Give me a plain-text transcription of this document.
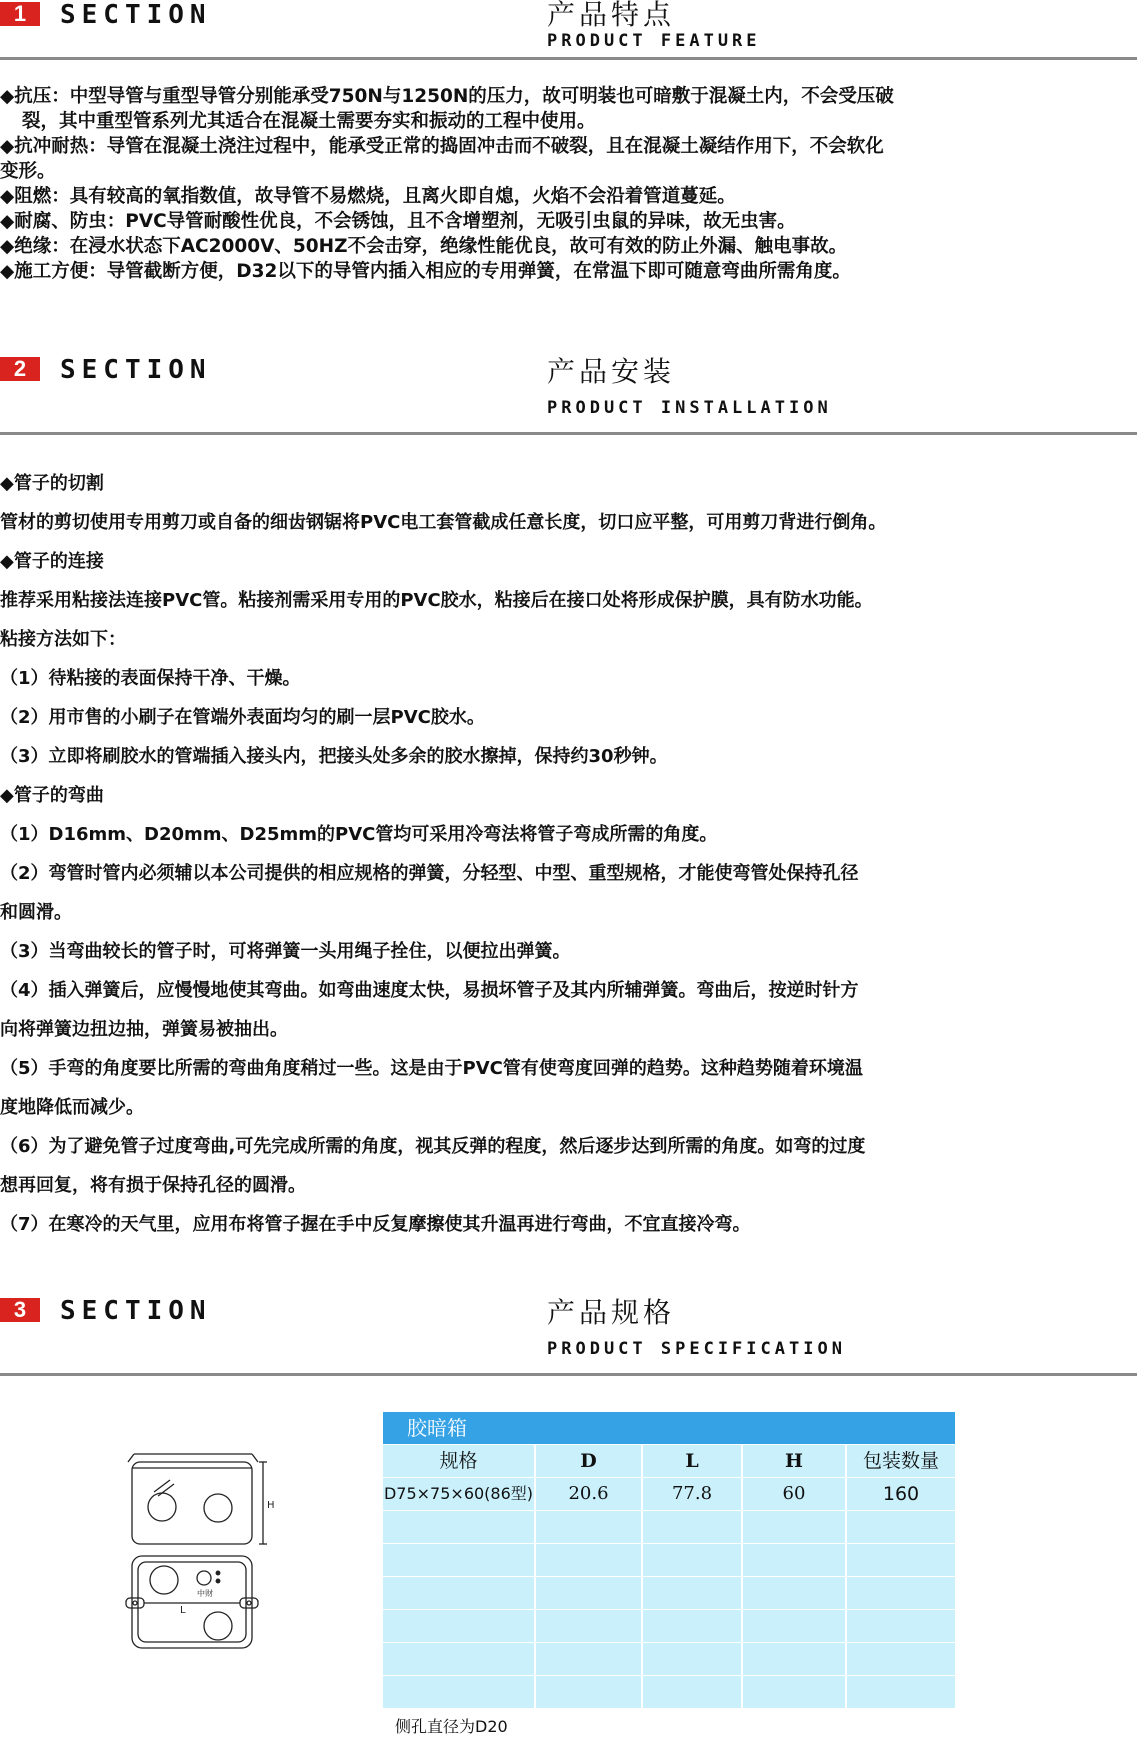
1	SECTION	产品特点
PRODUCT FEATURE

◆抗压：中型导管与重型导管分别能承受750N与1250N的压力，故可明装也可暗敷于混凝土内，不会受压破

裂，其中重型管系列尤其适合在混凝土需要夯实和振动的工程中使用。

◆抗冲耐热：导管在混凝土浇注过程中，能承受正常的捣固冲击而不破裂，且在混凝土凝结作用下，不会软化

变形。

◆阻燃：具有较高的氧指数值，故导管不易燃烧，且离火即自熄，火焰不会沿着管道蔓延。

◆耐腐、防虫：PVC导管耐酸性优良，不会锈蚀，且不含增塑剂，无吸引虫鼠的异味，故无虫害。

◆绝缘：在浸水状态下AC2000V、50HZ不会击穿，绝缘性能优良，故可有效的防止外漏、触电事故。

◆施工方便：导管截断方便，D32以下的导管内插入相应的专用弹簧，在常温下即可随意弯曲所需角度。

2	SECTION	产品安装
PRODUCT INSTALLATION

◆管子的切割

管材的剪切使用专用剪刀或自备的细齿钢锯将PVC电工套管截成任意长度，切口应平整，可用剪刀背进行倒角。

◆管子的连接

推荐采用粘接法连接PVC管。粘接剂需采用专用的PVC胶水，粘接后在接口处将形成保护膜，具有防水功能。

粘接方法如下：

（1）待粘接的表面保持干净、干燥。

（2）用市售的小刷子在管端外表面均匀的刷一层PVC胶水。

（3）立即将刷胶水的管端插入接头内，把接头处多余的胶水擦掉，保持约30秒钟。

◆管子的弯曲

（1）D16mm、D20mm、D25mm的PVC管均可采用冷弯法将管子弯成所需的角度。

（2）弯管时管内必须辅以本公司提供的相应规格的弹簧，分轻型、中型、重型规格，才能使弯管处保持孔径

和圆滑。

（3）当弯曲较长的管子时，可将弹簧一头用绳子拴住，以便拉出弹簧。

（4）插入弹簧后，应慢慢地使其弯曲。如弯曲速度太快，易损坏管子及其内所辅弹簧。弯曲后，按逆时针方

向将弹簧边扭边抽，弹簧易被抽出。

（5）手弯的角度要比所需的弯曲角度稍过一些。这是由于PVC管有使弯度回弹的趋势。这种趋势随着环境温

度地降低而减少。

（6）为了避免管子过度弯曲,可先完成所需的角度，视其反弹的程度，然后逐步达到所需的角度。如弯的过度

想再回复，将有损于保持孔径的圆滑。

（7）在寒冷的天气里，应用布将管子握在手中反复摩擦使其升温再进行弯曲，不宜直接冷弯。

3	SECTION	产品规格
PRODUCT SPECIFICATION
H
L
中财
胶暗箱
规格	D	L	H	包装数量
D75×75×60(86型)	20.6	77.8	60	160
侧孔直径为D20
